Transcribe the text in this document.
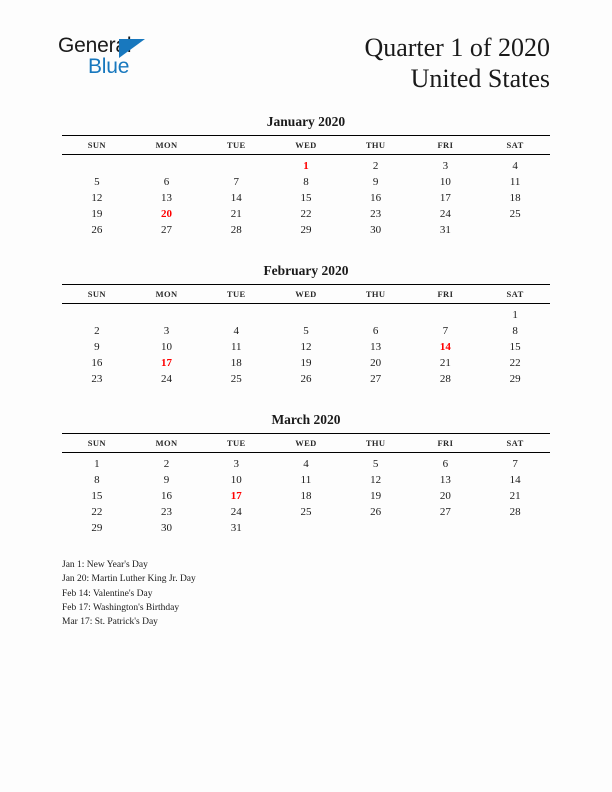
General
Blue
Quarter 1 of 2020
United States
January 2020
SUN	MON	TUE	WED	THU	FRI	SAT
			1	2	3	4
5	6	7	8	9	10	11
12	13	14	15	16	17	18
19	20	21	22	23	24	25
26	27	28	29	30	31	
February 2020
SUN	MON	TUE	WED	THU	FRI	SAT
						1
2	3	4	5	6	7	8
9	10	11	12	13	14	15
16	17	18	19	20	21	22
23	24	25	26	27	28	29
March 2020
SUN	MON	TUE	WED	THU	FRI	SAT
1	2	3	4	5	6	7
8	9	10	11	12	13	14
15	16	17	18	19	20	21
22	23	24	25	26	27	28
29	30	31				
Jan 1: New Year's Day
Jan 20: Martin Luther King Jr. Day
Feb 14: Valentine's Day
Feb 17: Washington's Birthday
Mar 17: St. Patrick's Day
